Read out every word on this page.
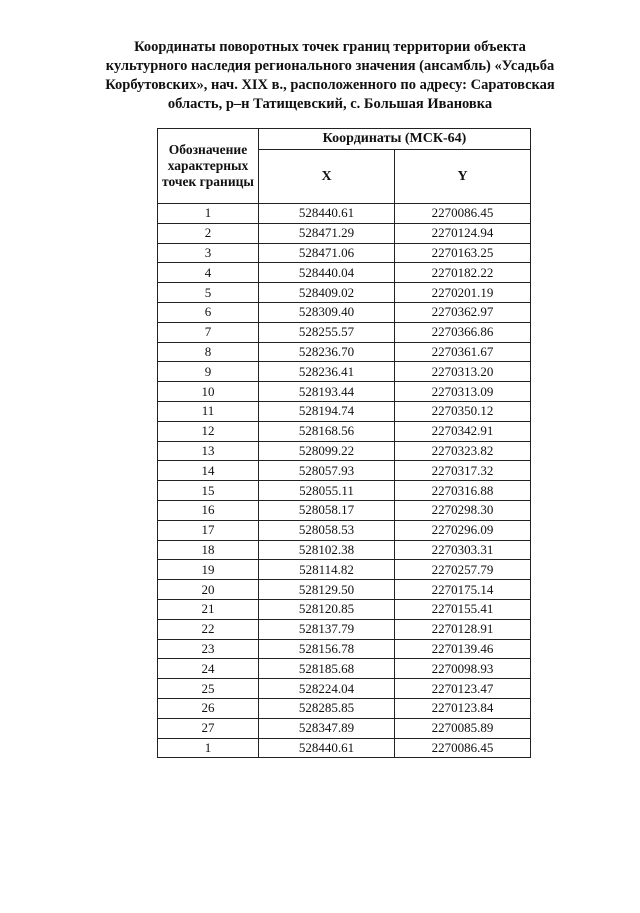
Координаты поворотных точек границ территории объекта
культурного наследия регионального значения (ансамбль) «Усадьба
Корбутовских», нач. XIX в., расположенного по адресу: Саратовская
область, р–н Татищевский, с. Большая Ивановка
Обозначение характерных точек границы	Координаты (МСК-64)	
	X	Y
1	528440.61	2270086.45
2	528471.29	2270124.94
3	528471.06	2270163.25
4	528440.04	2270182.22
5	528409.02	2270201.19
6	528309.40	2270362.97
7	528255.57	2270366.86
8	528236.70	2270361.67
9	528236.41	2270313.20
10	528193.44	2270313.09
11	528194.74	2270350.12
12	528168.56	2270342.91
13	528099.22	2270323.82
14	528057.93	2270317.32
15	528055.11	2270316.88
16	528058.17	2270298.30
17	528058.53	2270296.09
18	528102.38	2270303.31
19	528114.82	2270257.79
20	528129.50	2270175.14
21	528120.85	2270155.41
22	528137.79	2270128.91
23	528156.78	2270139.46
24	528185.68	2270098.93
25	528224.04	2270123.47
26	528285.85	2270123.84
27	528347.89	2270085.89
1	528440.61	2270086.45
